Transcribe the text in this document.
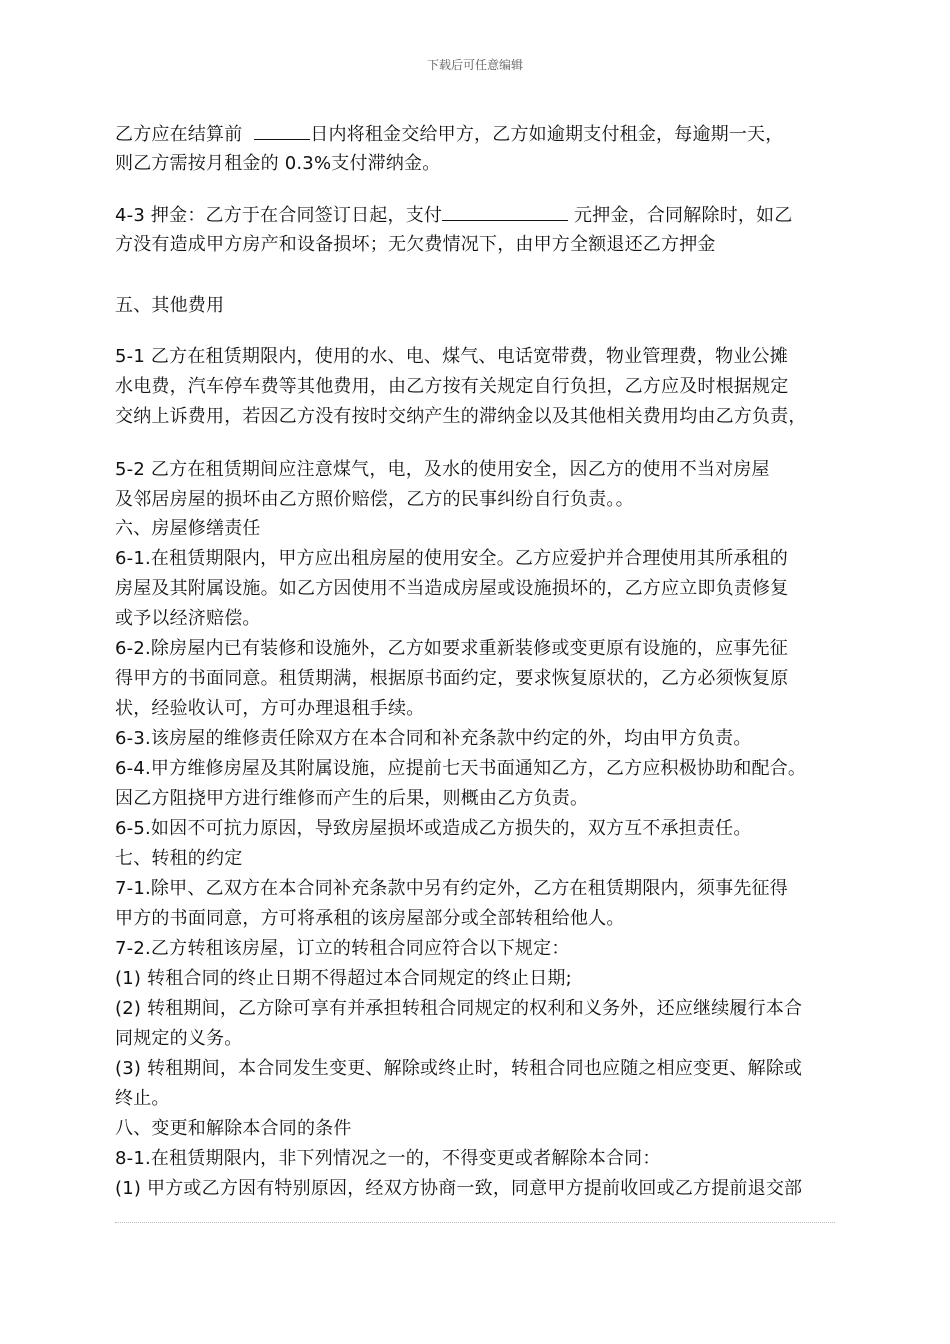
下载后可任意编辑
乙方应在结算前	日内将租金交给甲方，乙方如逾期支付租金，每逾期一天，
则乙方需按月租金的 0.3%支付滞纳金。
4-3 押金：乙方于在合同签订日起，支付	元押金，合同解除时，如乙
方没有造成甲方房产和设备损坏；无欠费情况下，由甲方全额退还乙方押金
五、其他费用
5-1 乙方在租赁期限内，使用的水、电、煤气、电话宽带费，物业管理费，物业公摊
水电费，汽车停车费等其他费用，由乙方按有关规定自行负担，乙方应及时根据规定
交纳上诉费用，若因乙方没有按时交纳产生的滞纳金以及其他相关费用均由乙方负责，
5-2 乙方在租赁期间应注意煤气，电，及水的使用安全，因乙方的使用不当对房屋
及邻居房屋的损坏由乙方照价赔偿，乙方的民事纠纷自行负责。。
六、房屋修缮责任
6-1.在租赁期限内，甲方应出租房屋的使用安全。乙方应爱护并合理使用其所承租的
房屋及其附属设施。如乙方因使用不当造成房屋或设施损坏的，乙方应立即负责修复
或予以经济赔偿。
6-2.除房屋内已有装修和设施外，乙方如要求重新装修或变更原有设施的，应事先征
得甲方的书面同意。租赁期满，根据原书面约定，要求恢复原状的，乙方必须恢复原
状，经验收认可，方可办理退租手续。
6-3.该房屋的维修责任除双方在本合同和补充条款中约定的外，均由甲方负责。
6-4.甲方维修房屋及其附属设施，应提前七天书面通知乙方，乙方应积极协助和配合。
因乙方阻挠甲方进行维修而产生的后果，则概由乙方负责。
6-5.如因不可抗力原因，导致房屋损坏或造成乙方损失的，双方互不承担责任。
七、转租的约定
7-1.除甲、乙双方在本合同补充条款中另有约定外，乙方在租赁期限内，须事先征得
甲方的书面同意，方可将承租的该房屋部分或全部转租给他人。
7-2.乙方转租该房屋，订立的转租合同应符合以下规定：
(1) 转租合同的终止日期不得超过本合同规定的终止日期;
(2) 转租期间，乙方除可享有并承担转租合同规定的权利和义务外，还应继续履行本合
同规定的义务。
(3) 转租期间，本合同发生变更、解除或终止时，转租合同也应随之相应变更、解除或
终止。
八、变更和解除本合同的条件
8-1.在租赁期限内，非下列情况之一的，不得变更或者解除本合同：
(1) 甲方或乙方因有特别原因，经双方协商一致，同意甲方提前收回或乙方提前退交部
